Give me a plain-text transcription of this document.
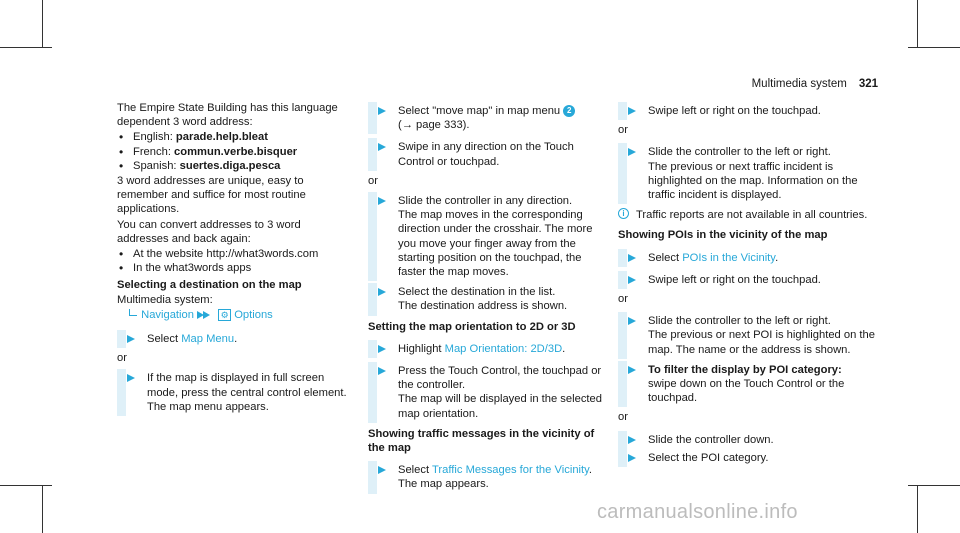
Multimedia system 321
The Empire State Building has this language dependent 3 word address:
• English: parade.help.bleat
• French: commun.verbe.bisquer
• Spanish: suertes.diga.pesca
3 word addresses are unique, easy to remember and suffice for most routine applications.
You can convert addresses to 3 word addresses and back again:
• At the website http://what3words.com
• In the what3words apps
Selecting a destination on the map
Multimedia system:
Navigation	⚙ Options
Select Map Menu.
or
If the map is displayed in full screen mode, press the central control element.
The map menu appears.
Select "move map" in map menu 2
(→ page 333).
Swipe in any direction on the Touch Control or touchpad.
or
Slide the controller in any direction.
The map moves in the corresponding direction under the crosshair. The more you move your finger away from the starting position on the touchpad, the faster the map moves.
Select the destination in the list.
The destination address is shown.
Setting the map orientation to 2D or 3D
Highlight Map Orientation: 2D/3D.
Press the Touch Control, the touchpad or the controller.
The map will be displayed in the selected map orientation.
Showing traffic messages in the vicinity of the map
Select Traffic Messages for the Vicinity.
The map appears.
Swipe left or right on the touchpad.
or
Slide the controller to the left or right.
The previous or next traffic incident is highlighted on the map. Information on the traffic incident is displayed.
i	Traffic reports are not available in all countries.
Showing POIs in the vicinity of the map
Select POIs in the Vicinity.
Swipe left or right on the touchpad.
or
Slide the controller to the left or right.
The previous or next POI is highlighted on the map. The name or the address is shown.
To filter the display by POI category:
swipe down on the Touch Control or the touchpad.
or
Slide the controller down.
Select the POI category.
carmanualsonline.info
